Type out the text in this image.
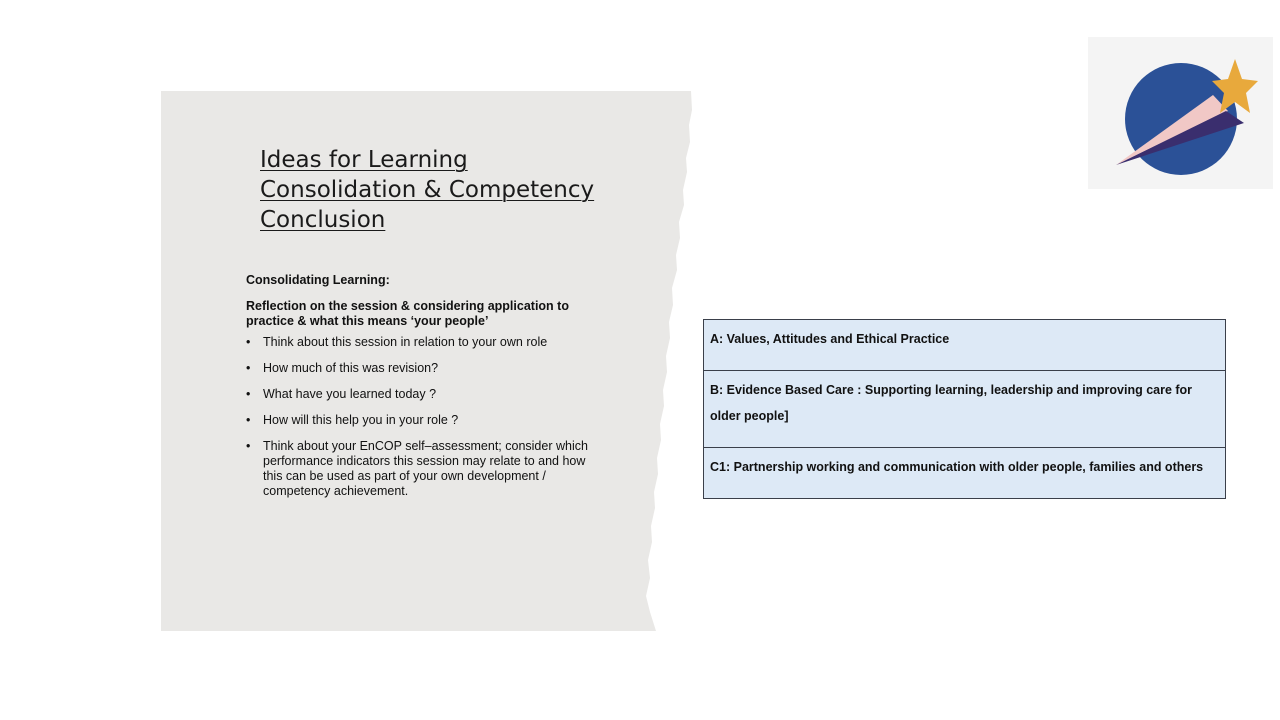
Ideas for Learning
Consolidation & Competency
Conclusion

Consolidating Learning:

Reflection on the session & considering application to practice & what this means ‘your people’

• Think about this session in relation to your own role
• How much of this was revision?
• What have you learned today ?
• How will this help you in your role ?
• Think about your EnCOP self–assessment; consider which performance indicators this session may relate to and how this can be used as part of your own development / competency achievement.
A: Values, Attitudes and Ethical Practice
B: Evidence Based Care : Supporting learning, leadership and improving care for older people]
C1: Partnership working and communication with older people, families and others
